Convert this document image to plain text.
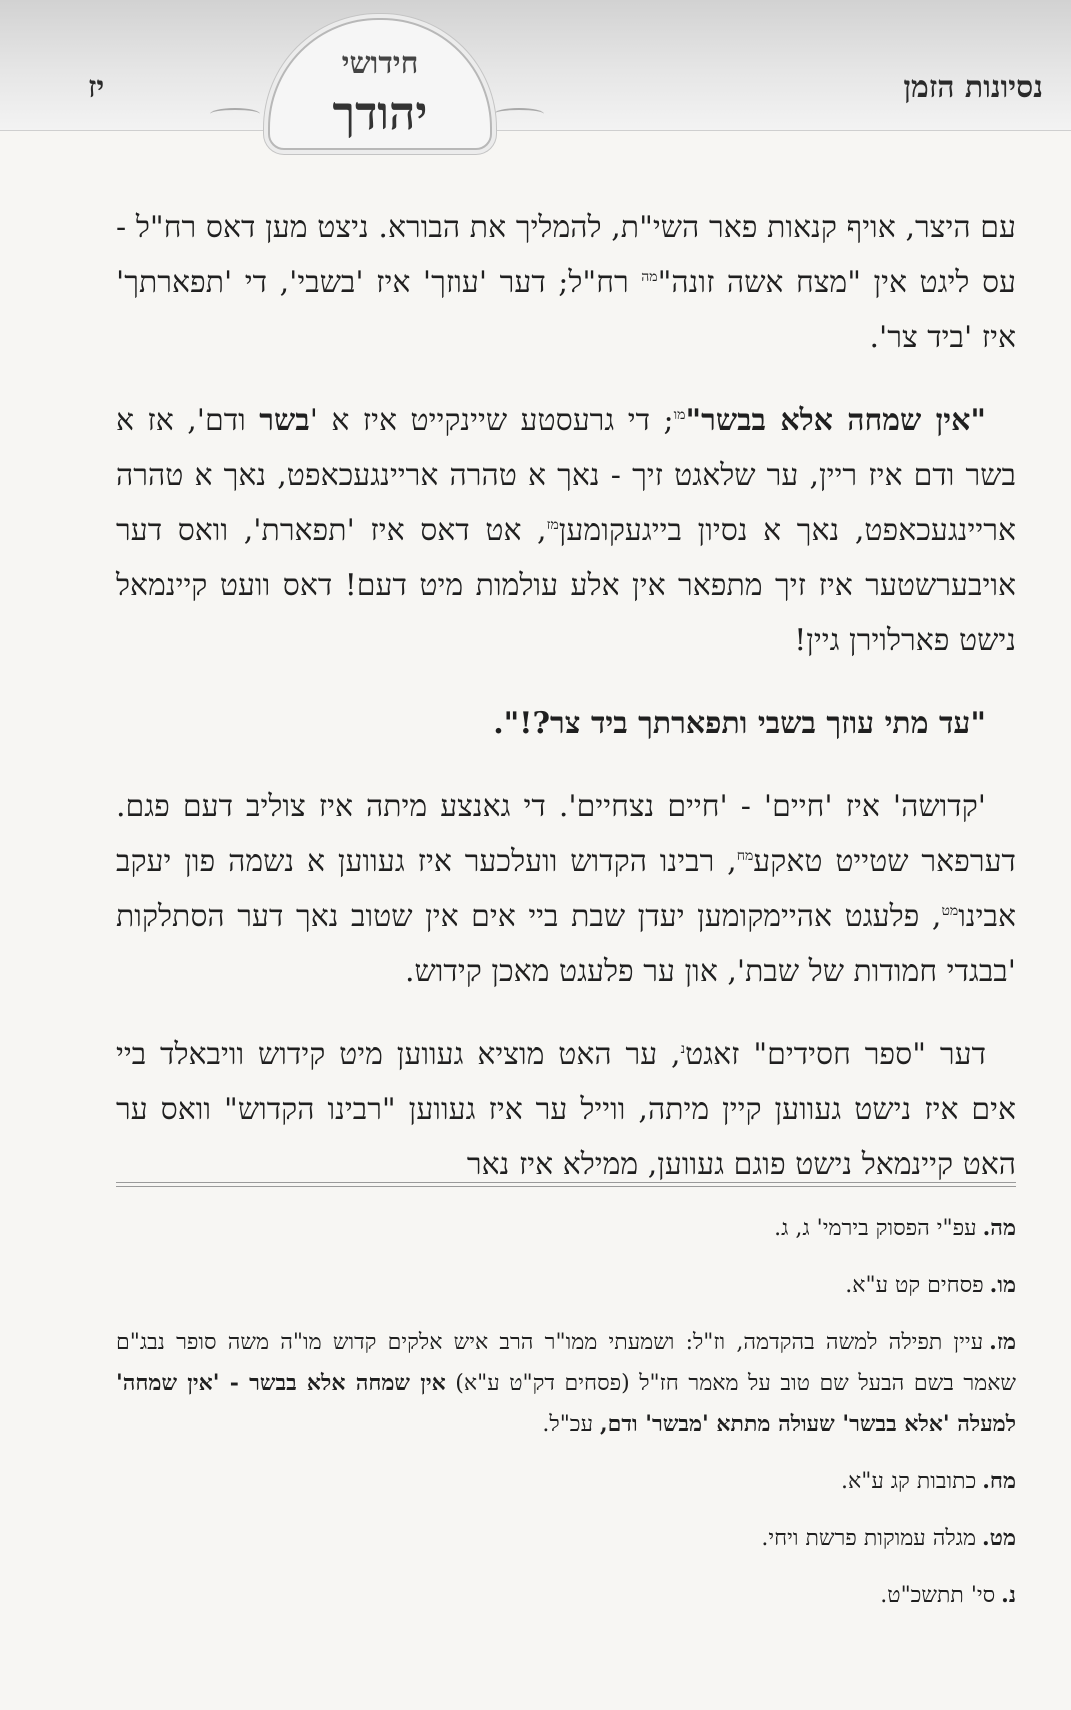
נסיונות הזמן
יז
חידושי
יהודך

עם היצר, אויף קנאות פאר השי"ת, להמליך את הבורא. ניצט מען דאס רח"ל - עס ליגט אין "מצח אשה זונה"$^{מה}$ רח"ל; דער 'עוזך' איז 'בשבי', די 'תפארתך' איז 'ביד צר'.

"אין שמחה אלא בבשר"$^{מו}$; די גרעסטע שיינקייט איז א 'בשר ודם', אז א בשר ודם איז ריין, ער שלאגט זיך - נאך א טהרה אריינגעכאפט, נאך א טהרה אריינגעכאפט, נאך א נסיון בייגעקומען$^{מז}$, אט דאס איז 'תפארת', וואס דער אויבערשטער איז זיך מתפאר אין אלע עולמות מיט דעם! דאס וועט קיינמאל נישט פארלוירן גיין!

"עד מתי עוזך בשבי ותפארתך ביד צר?!".

'קדושה' איז 'חיים' - 'חיים נצחיים'. די גאנצע מיתה איז צוליב דעם פגם. דערפאר שטייט טאקע$^{מח}$, רבינו הקדוש וועלכער איז געווען א נשמה פון יעקב אבינו$^{מט}$, פלעגט אהיימקומען יעדן שבת ביי אים אין שטוב נאך דער הסתלקות 'בבגדי חמודות של שבת', און ער פלעגט מאכן קידוש.

דער "ספר חסידים" זאגט$^נ$, ער האט מוציא געווען מיט קידוש וויבאלד ביי אים איז נישט געווען קיין מיתה, ווייל ער איז געווען "רבינו הקדוש" וואס ער האט קיינמאל נישט פוגם געווען, ממילא איז נאר

מה.עפ"י הפסוק בירמי' ג, ג.

מו.פסחים קט ע"א.

מז.עיין תפילה למשה בהקדמה, וז"ל: ושמעתי ממו"ר הרב איש אלקים קדוש מו"ה משה סופר נבג"ם שאמר בשם הבעל שם טוב על מאמר חז"ל (פסחים דק"ט ע"א) אין שמחה אלא בבשר - 'אין שמחה' למעלה 'אלא בבשר' שעולה מתתא 'מבשר' ודם, עכ"ל.

מח.כתובות קג ע"א.

מט.מגלה עמוקות פרשת ויחי.

נ.סי' תתשכ"ט.
